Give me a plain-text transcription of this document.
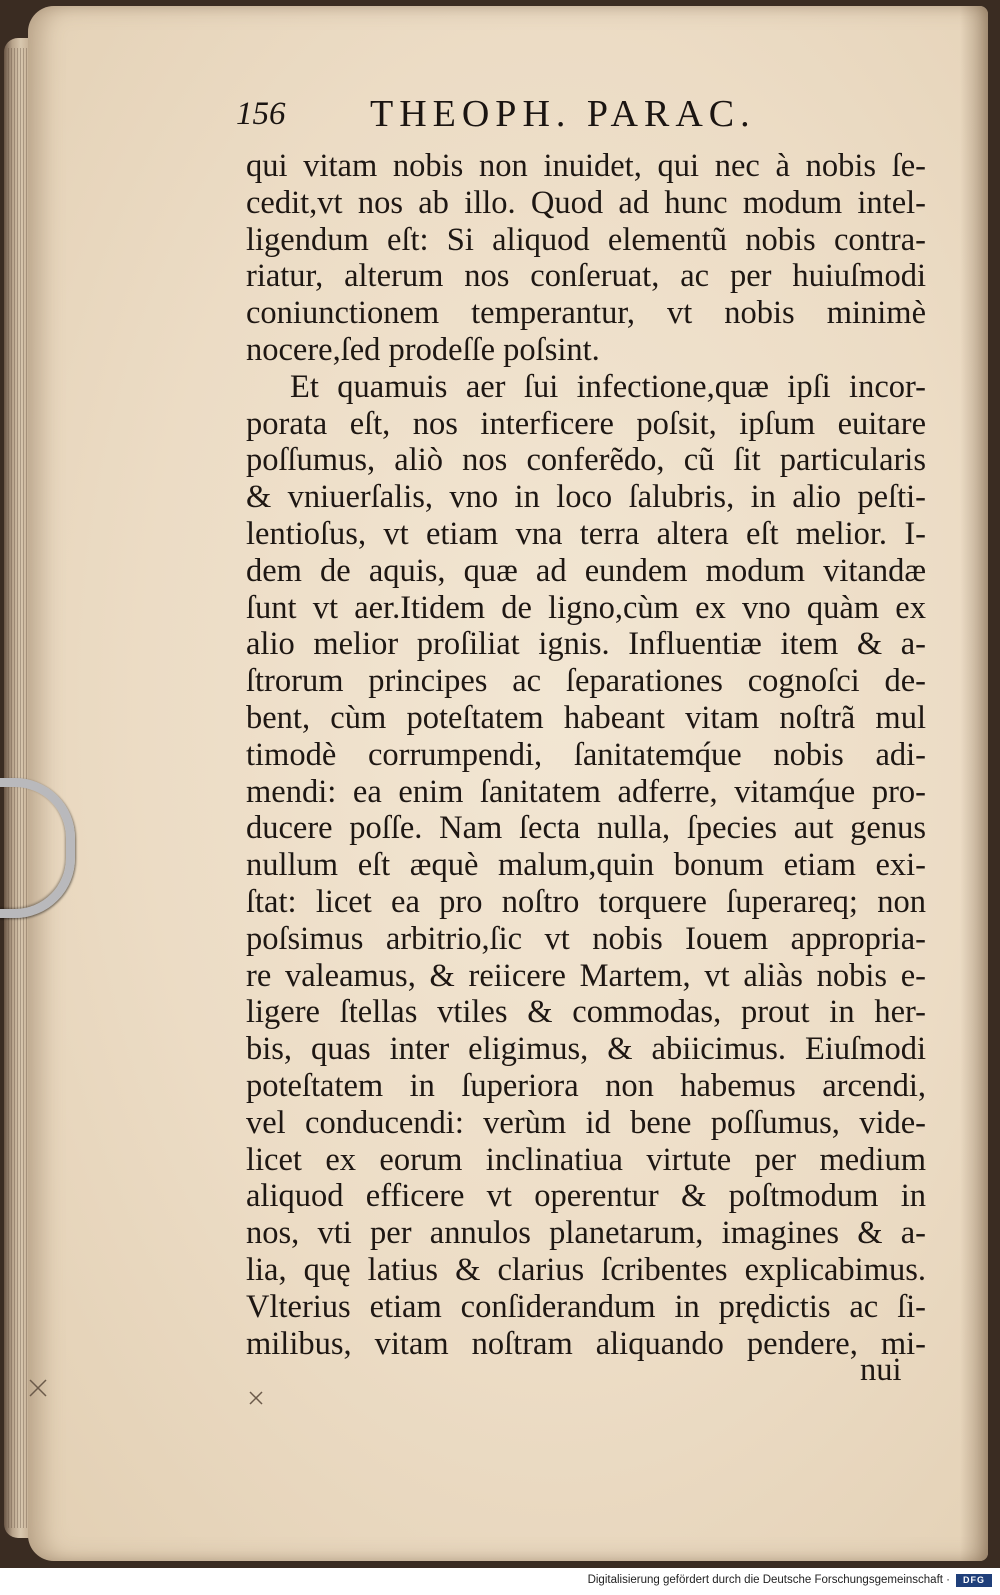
156 THEOPH. PARAC.
qui vitam nobis non inuidet, qui nec à nobis ſe-
cedit,vt nos ab illo. Quod ad hunc modum intel-
ligendum eſt: Si aliquod elementũ nobis contra-
riatur, alterum nos conſeruat, ac per huiuſmodi
coniunctionem temperantur, vt nobis minimè
nocere,ſed prodeſſe poſsint.
Et quamuis aer ſui infectione,quæ ipſi incor-
porata eſt, nos interficere poſsit, ipſum euitare
poſſumus, aliò nos conferẽdo, cũ ſit particularis
& vniuerſalis, vno in loco ſalubris, in alio peſti-
lentioſus, vt etiam vna terra altera eſt melior. I-
dem de aquis, quæ ad eundem modum vitandæ
ſunt vt aer.Itidem de ligno,cùm ex vno quàm ex
alio melior proſiliat ignis. Influentiæ item & a-
ſtrorum principes ac ſeparationes cognoſci de-
bent, cùm poteſtatem habeant vitam noſtrã mul
timodè corrumpendi, ſanitatemq́ue nobis adi-
mendi: ea enim ſanitatem adferre, vitamq́ue pro-
ducere poſſe. Nam ſecta nulla, ſpecies aut genus
nullum eſt æquè malum,quin bonum etiam exi-
ſtat: licet ea pro noſtro torquere ſuperareq; non
poſsimus arbitrio,ſic vt nobis Iouem appropria-
re valeamus, & reiicere Martem, vt aliàs nobis e-
ligere ſtellas vtiles & commodas, prout in her-
bis, quas inter eligimus, & abiicimus. Eiuſmodi
poteſtatem in ſuperiora non habemus arcendi,
vel conducendi: verùm id bene poſſumus, vide-
licet ex eorum inclinatiua virtute per medium
aliquod efficere vt operentur & poſtmodum in
nos, vti per annulos planetarum, imagines & a-
lia, quę latius & clarius ſcribentes explicabimus.
Vlterius etiam conſiderandum in prędictis ac ſi-
milibus, vitam noſtram aliquando pendere, mi-
nui
Digitalisierung gefördert durch die Deutsche Forschungsgemeinschaft ·	DFG
